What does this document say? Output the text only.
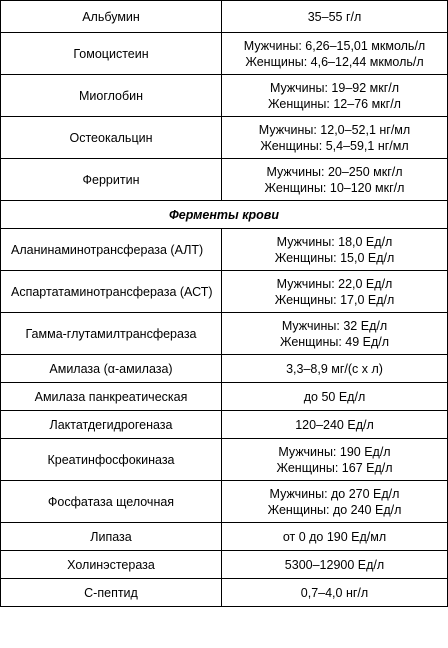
Альбумин	35–55 г/л

Гомоцистеин	Мужчины: 6,26–15,01 мкмоль/л
Женщины: 4,6–12,44 мкмоль/л

Миоглобин	Мужчины: 19–92 мкг/л
Женщины: 12–76 мкг/л

Остеокальцин	Мужчины: 12,0–52,1 нг/мл
Женщины: 5,4–59,1 нг/мл

Ферритин	Мужчины: 20–250 мкг/л
Женщины: 10–120 мкг/л

Ферменты крови	
Аланинаминотрансфераза (АЛТ)	Мужчины: 18,0 Ед/л
Женщины: 15,0 Ед/л

Аспартатаминотрансфераза (АСТ)	Мужчины: 22,0 Ед/л
Женщины: 17,0 Ед/л

Гамма-глутамилтрансфераза	Мужчины: 32 Ед/л
Женщины: 49 Ед/л

Амилаза (α-амилаза)	3,3–8,9 мг/(с х л)

Амилаза панкреатическая	до 50 Ед/л

Лактатдегидрогеназа	120–240 Ед/л

Креатинфосфокиназа	Мужчины: 190 Ед/л
Женщины: 167 Ед/л

Фосфатаза щелочная	Мужчины: до 270 Ед/л
Женщины: до 240 Ед/л

Липаза	от 0 до 190 Ед/мл

Холинэстераза	5300–12900 Ед/л

С-пептид	0,7–4,0 нг/л
